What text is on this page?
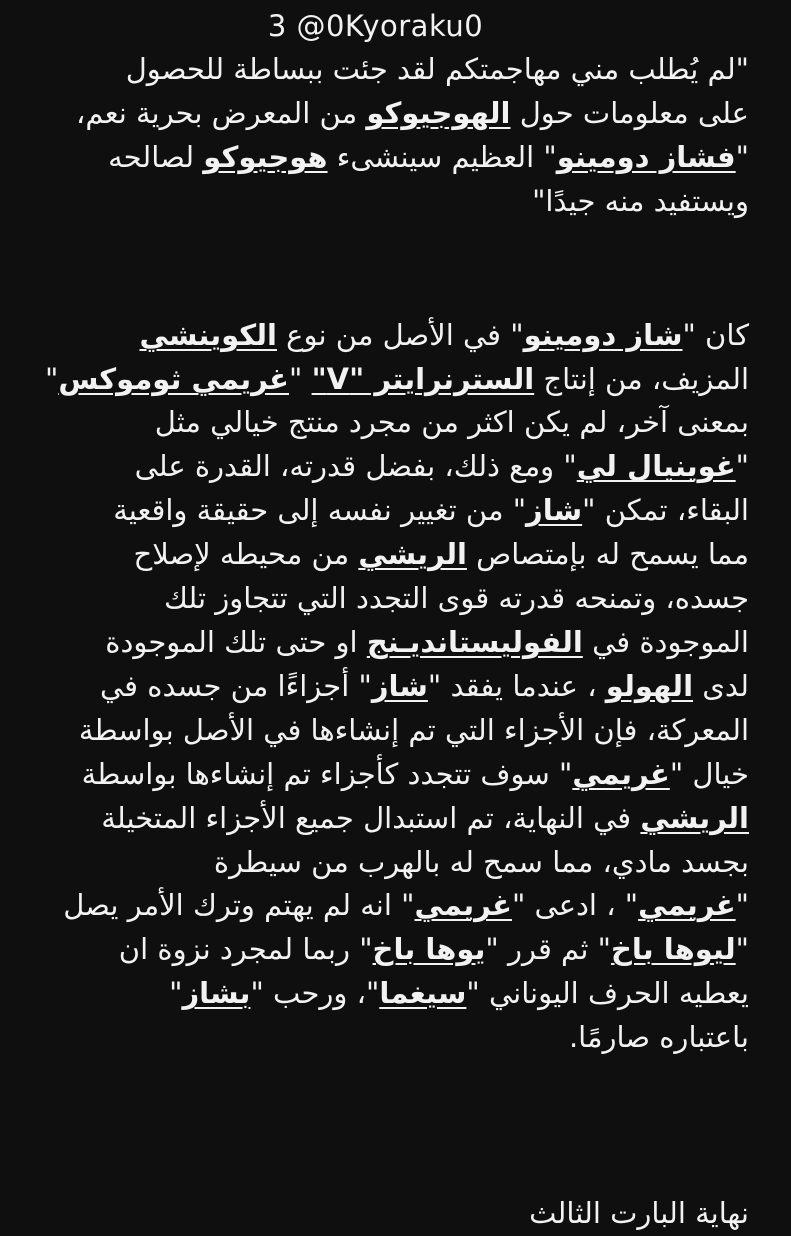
3 @0Kyoraku0
"لم يُطلب مني مهاجمتكم لقد جئت ببساطة للحصول
على معلومات حول الهوجيوكو من المعرض بحرية نعم،
"فشاز دومينو" العظيم سينشىء هوجيوكو لصالحه
ويستفيد منه جيدًا"
كان "شاز دومينو" في الأصل من نوع الكوينشي
المزيف، من إنتاج السترنرايتر "V" "غريمي ثوموكس"
بمعنى آخر، لم يكن اكثر من مجرد منتج خيالي مثل
"غوينيال لي" ومع ذلك، بفضل قدرته، القدرة على
البقاء، تمكن "شاز" من تغيير نفسه إلى حقيقة واقعية
مما يسمح له بإمتصاص الريشي من محيطه لإصلاح
جسده، وتمنحه قدرته قوى التجدد التي تتجاوز تلك
الموجودة في الفوليستانديـنج او حتى تلك الموجودة
لدى الهولو ، عندما يفقد "شاز" أجزاءًا من جسده في
المعركة، فإن الأجزاء التي تم إنشاءها في الأصل بواسطة
خيال "غريمي" سوف تتجدد كأجزاء تم إنشاءها بواسطة
الريشي في النهاية، تم استبدال جميع الأجزاء المتخيلة
بجسد مادي، مما سمح له بالهرب من سيطرة
"غريمي" ، ادعى "غريمي" انه لم يهتم وترك الأمر يصل
"ليوها باخ" ثم قرر "يوها باخ" ربما لمجرد نزوة ان
يعطيه الحرف اليوناني "سيغما"، ورحب "بشاز"
باعتباره صارمًا.
نهاية البارت الثالث
